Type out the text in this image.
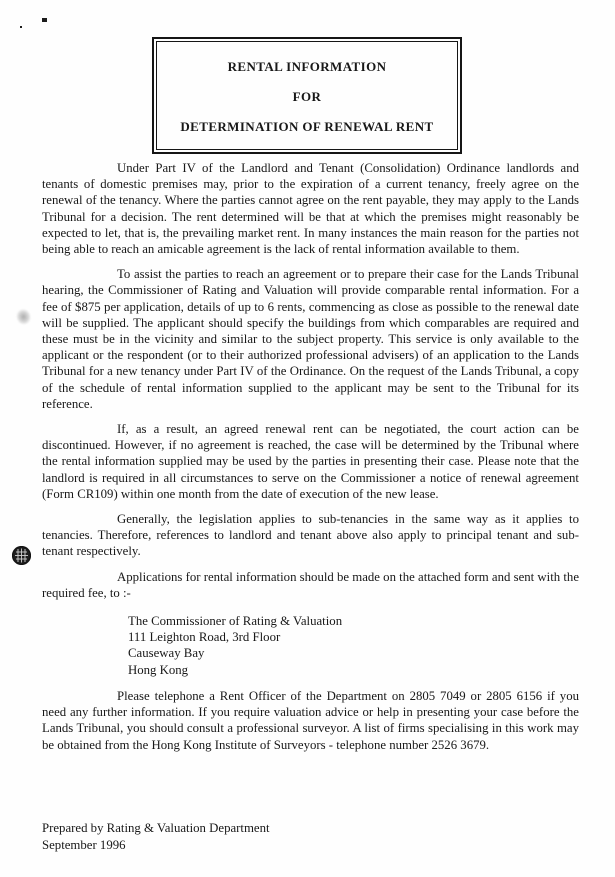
RENTAL INFORMATION
FOR
DETERMINATION OF RENEWAL RENT

Under Part IV of the Landlord and Tenant (Consolidation) Ordinance landlords and tenants of domestic premises may, prior to the expiration of a current tenancy, freely agree on the renewal of the tenancy. Where the parties cannot agree on the rent payable, they may apply to the Lands Tribunal for a decision. The rent determined will be that at which the premises might reasonably be expected to let, that is, the prevailing market rent. In many instances the main reason for the parties not being able to reach an amicable agreement is the lack of rental information available to them.

To assist the parties to reach an agreement or to prepare their case for the Lands Tribunal hearing, the Commissioner of Rating and Valuation will provide comparable rental information. For a fee of $875 per application, details of up to 6 rents, commencing as close as possible to the renewal date will be supplied. The applicant should specify the buildings from which comparables are required and these must be in the vicinity and similar to the subject property. This service is only available to the applicant or the respondent (or to their authorized professional advisers) of an application to the Lands Tribunal for a new tenancy under Part IV of the Ordinance. On the request of the Lands Tribunal, a copy of the schedule of rental information supplied to the applicant may be sent to the Tribunal for its reference.

If, as a result, an agreed renewal rent can be negotiated, the court action can be discontinued. However, if no agreement is reached, the case will be determined by the Tribunal where the rental information supplied may be used by the parties in presenting their case. Please note that the landlord is required in all circumstances to serve on the Commissioner a notice of renewal agreement (Form CR109) within one month from the date of execution of the new lease.

Generally, the legislation applies to sub-tenancies in the same way as it applies to tenancies. Therefore, references to landlord and tenant above also apply to principal tenant and sub-tenant respectively.

Applications for rental information should be made on the attached form and sent with the required fee, to :-

The Commissioner of Rating & Valuation
111 Leighton Road, 3rd Floor
Causeway Bay
Hong Kong

Please telephone a Rent Officer of the Department on 2805 7049 or 2805 6156 if you need any further information. If you require valuation advice or help in presenting your case before the Lands Tribunal, you should consult a professional surveyor. A list of firms specialising in this work may be obtained from the Hong Kong Institute of Surveyors - telephone number 2526 3679.

Prepared by Rating & Valuation Department
September 1996
